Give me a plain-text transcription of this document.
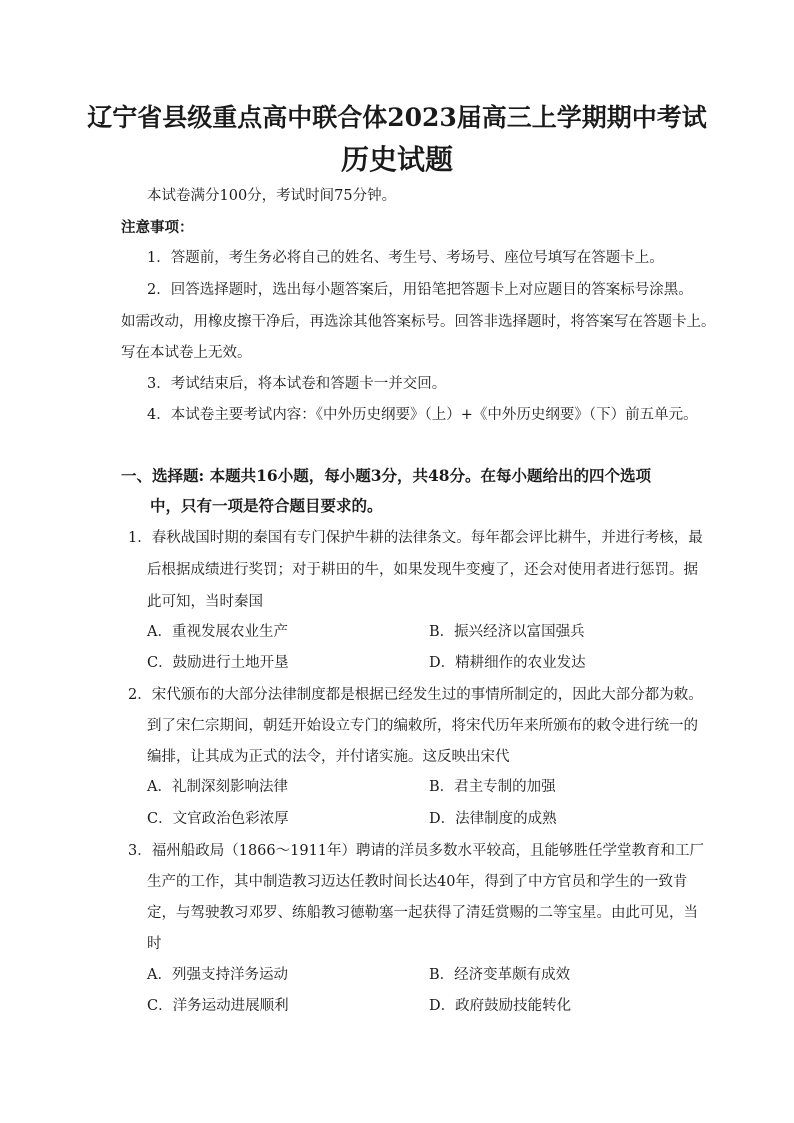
辽宁省县级重点高中联合体2023届高三上学期期中考试
历史试题
本试卷满分100分，考试时间75分钟。
注意事项：
1．答题前，考生务必将自己的姓名、考生号、考场号、座位号填写在答题卡上。
2．回答选择题时，选出每小题答案后，用铅笔把答题卡上对应题目的答案标号涂黑。
如需改动，用橡皮擦干净后，再选涂其他答案标号。回答非选择题时，将答案写在答题卡上。
写在本试卷上无效。
3．考试结束后，将本试卷和答题卡一并交回。
4．本试卷主要考试内容：《中外历史纲要》（上）+《中外历史纲要》（下）前五单元。
一、选择题: 本题共16小题，每小题3分，共48分。在每小题给出的四个选项
中，只有一项是符合题目要求的。
1．春秋战国时期的秦国有专门保护牛耕的法律条文。每年都会评比耕牛，并进行考核，最
后根据成绩进行奖罚；对于耕田的牛，如果发现牛变瘦了，还会对使用者进行惩罚。据
此可知，当时秦国
A．重视发展农业生产	B．振兴经济以富国强兵
C．鼓励进行土地开垦	D．精耕细作的农业发达
2．宋代颁布的大部分法律制度都是根据已经发生过的事情所制定的，因此大部分都为敕。
到了宋仁宗期间，朝廷开始设立专门的编敕所，将宋代历年来所颁布的敕令进行统一的
编排，让其成为正式的法令，并付诸实施。这反映出宋代
A．礼制深刻影响法律	B．君主专制的加强
C．文官政治色彩浓厚	D．法律制度的成熟
3．福州船政局（1866～1911年）聘请的洋员多数水平较高，且能够胜任学堂教育和工厂
生产的工作，其中制造教习迈达任教时间长达40年，得到了中方官员和学生的一致肯
定，与驾驶教习邓罗、练船教习德勒塞一起获得了清廷赏赐的二等宝星。由此可见，当
时
A．列强支持洋务运动	B．经济变革颇有成效
C．洋务运动进展顺利	D．政府鼓励技能转化
